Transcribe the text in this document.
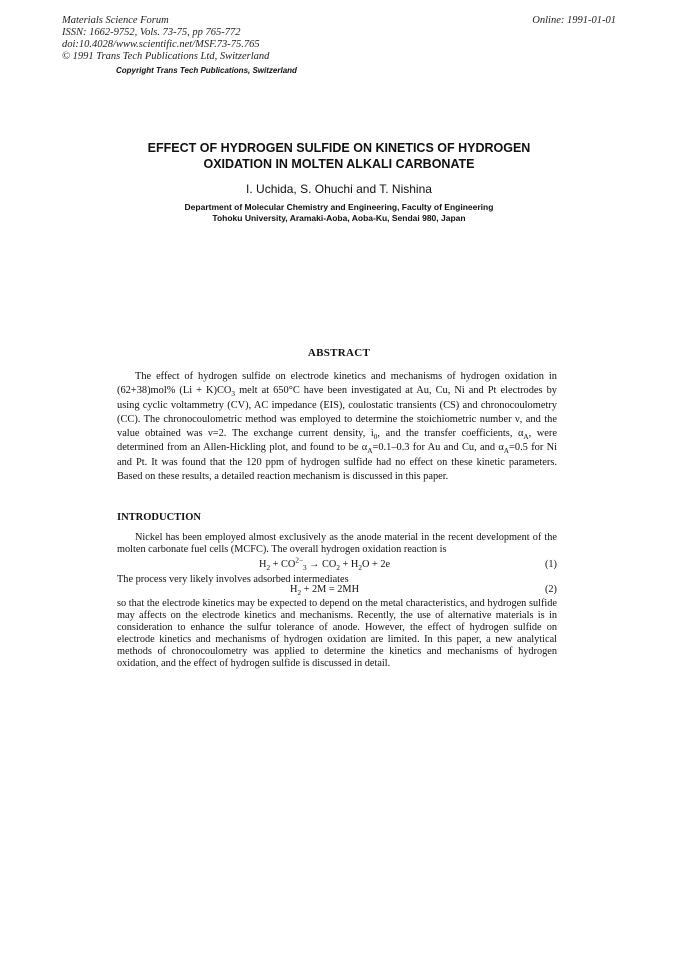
Materials Science Forum
ISSN: 1662-9752, Vols. 73-75, pp 765-772
doi:10.4028/www.scientific.net/MSF.73-75.765
© 1991 Trans Tech Publications Ltd, Switzerland
Online: 1991-01-01
Copyright Trans Tech Publications, Switzerland
EFFECT OF HYDROGEN SULFIDE ON KINETICS OF HYDROGEN
OXIDATION IN MOLTEN ALKALI CARBONATE
I. Uchida, S. Ohuchi and T. Nishina
Department of Molecular Chemistry and Engineering, Faculty of Engineering
Tohoku University, Aramaki-Aoba, Aoba-Ku, Sendai 980, Japan
ABSTRACT

The effect of hydrogen sulfide on electrode kinetics and mechanisms of hydrogen oxidation in (62+38)mol% $(Li + K)CO_3$ melt at 650°C have been investigated at Au, Cu, Ni and Pt electrodes by using cyclic voltammetry (CV), AC impedance (EIS), coulostatic transients (CS) and chronocoulometry (CC). The chronocoulometric method was employed to determine the stoichiometric number ν, and the value obtained was ν=2. The exchange current density, $i_0$, and the transfer coefficients, $\alpha_A$, were determined from an Allen-Hickling plot, and found to be $\alpha_A=0.1-0.3$ for Au and Cu, and $\alpha_A=0.5$ for Ni and Pt. It was found that the 120 ppm of hydrogen sulfide had no effect on these kinetic parameters. Based on these results, a detailed reaction mechanism is discussed in this paper.

INTRODUCTION

Nickel has been employed almost exclusively as the anode material in the recent development of the molten carbonate fuel cells (MCFC). The overall hydrogen oxidation reaction is

$H_2 + CO^{2-}_3 \to CO_2 + H_2O + 2e$	(1)
The process very likely involves adsorbed intermediates
$H_2 + 2M = 2MH$	(2)

so that the electrode kinetics may be expected to depend on the metal characteristics, and hydrogen sulfide may affects on the electrode kinetics and mechanisms. Recently, the use of alternative materials is in consideration to enhance the sulfur tolerance of anode. However, the effect of hydrogen sulfide on electrode kinetics and mechanisms of hydrogen oxidation are limited. In this paper, a new analytical methods of chronocoulometry was applied to determine the kinetics and mechanisms of hydrogen oxidation, and the effect of hydrogen sulfide is discussed in detail.
